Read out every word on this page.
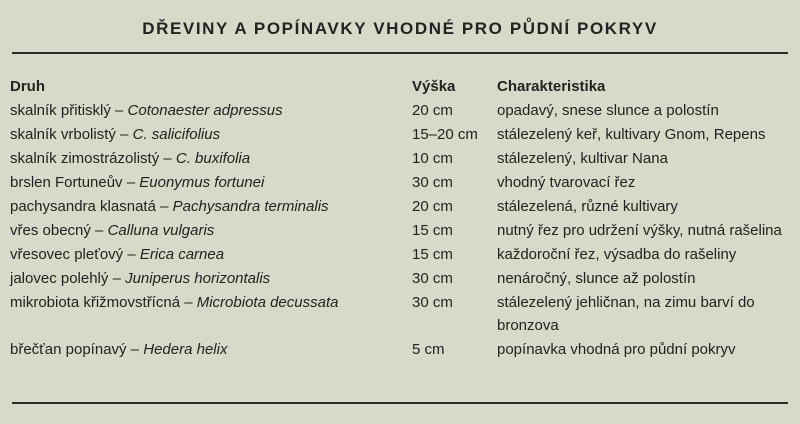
DŘEVINY A POPÍNAVKY VHODNÉ PRO PŮDNÍ POKRYV
Druh	Výška	Charakteristika
skalník přitisklý – Cotonaester adpressus	20 cm	opadavý, snese slunce a polostín
skalník vrbolistý – C. salicifolius	15–20 cm	stálezelený keř, kultivary Gnom, Repens
skalník zimostrázolistý – C. buxifolia	10 cm	stálezelený, kultivar Nana
brslen Fortuneův – Euonymus fortunei	30 cm	vhodný tvarovací řez
pachysandra klasnatá – Pachysandra terminalis	20 cm	stálezelená, různé kultivary
vřes obecný – Calluna vulgaris	15 cm	nutný řez pro udržení výšky, nutná rašelina
vřesovec pleťový – Erica carnea	15 cm	každoroční řez, výsadba do rašeliny
jalovec polehlý – Juniperus horizontalis	30 cm	nenáročný, slunce až polostín
mikrobiota křižmovstřícná – Microbiota decussata	30 cm	stálezelený jehličnan, na zimu barví do bronzova
břečťan popínavý – Hedera helix	5 cm	popínavka vhodná pro půdní pokryv
